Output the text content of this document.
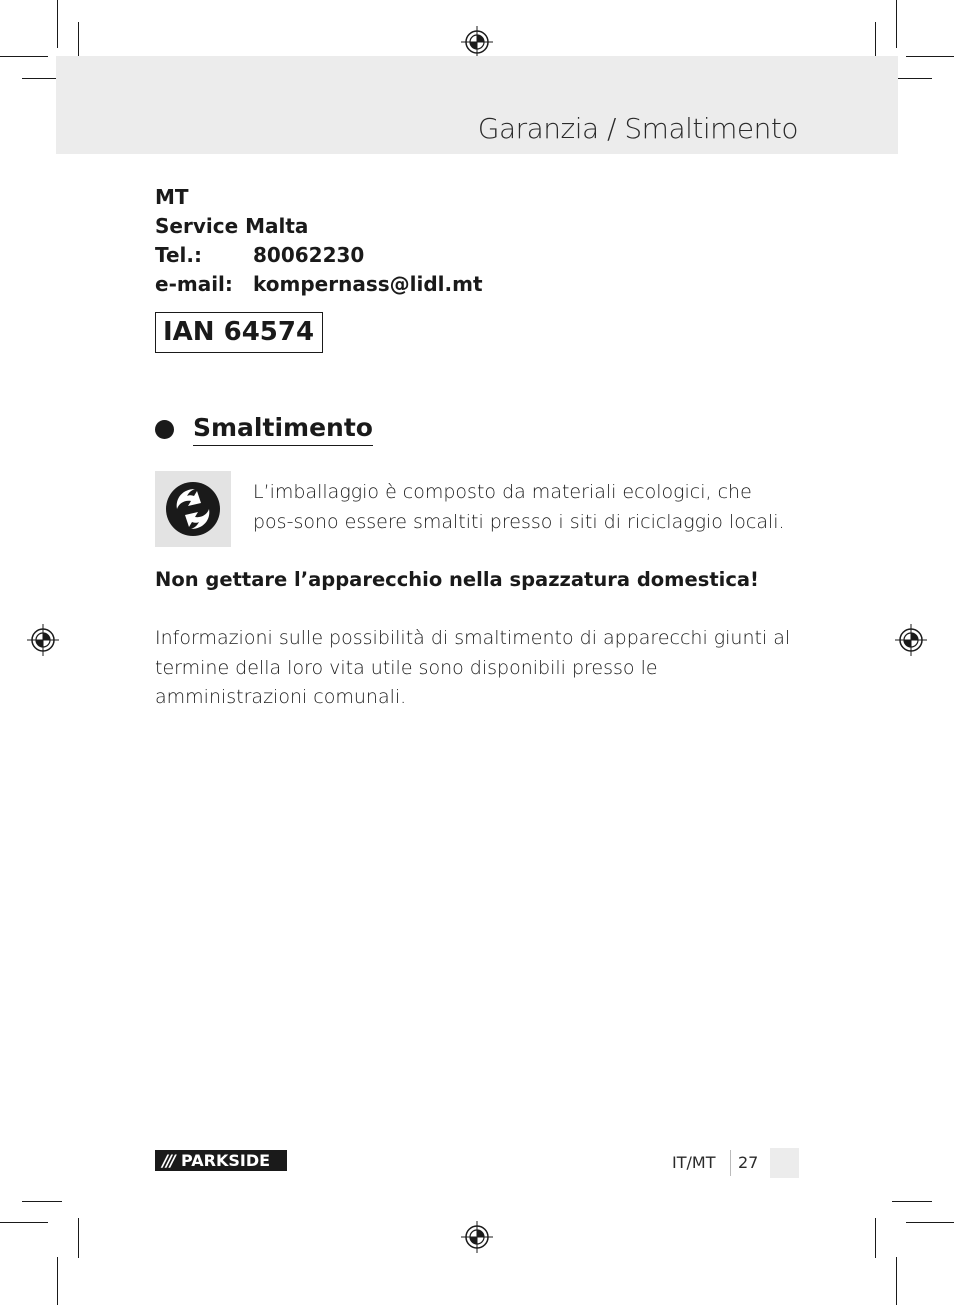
Garanzia / Smaltimento
MT
Service Malta
Tel.:	80062230
e-mail:	kompernass@lidl.mt
IAN 64574
Smaltimento
L’imballaggio è composto da materiali ecologici, che pos-sono essere smaltiti presso i siti di riciclaggio locali.
Non gettare l’apparecchio nella spazzatura domestica!
Informazioni sulle possibilità di smaltimento di apparecchi giunti al termine della loro vita utile sono disponibili presso le amministrazioni comunali.
/// PARKSIDE	IT/MT 27
